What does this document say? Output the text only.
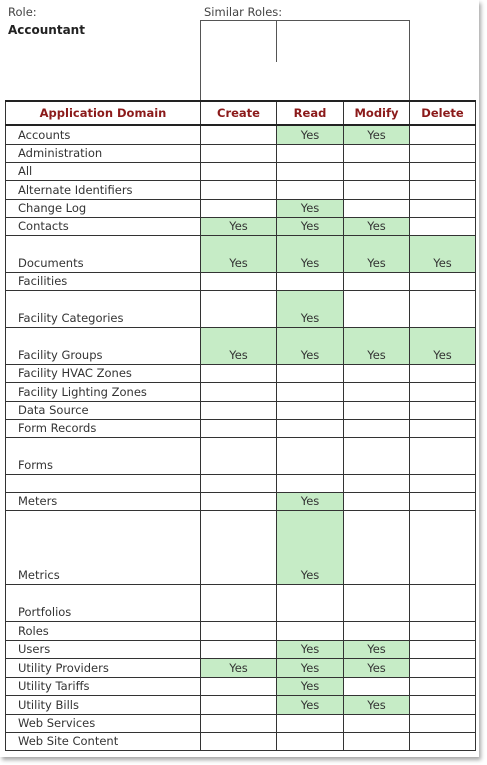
Role:
Accountant
Similar Roles:
Application Domain	Create	Read	Modify	Delete
Accounts		Yes	Yes	
Administration				
All				
Alternate Identifiers				
Change Log		Yes		
Contacts	Yes	Yes	Yes	
Documents	Yes	Yes	Yes	Yes
Facilities				
Facility Categories		Yes		
Facility Groups	Yes	Yes	Yes	Yes
Facility HVAC Zones				
Facility Lighting Zones				
Data Source				
Form Records				
Forms				

Meters		Yes		
Metrics		Yes		
Portfolios				
Roles				
Users		Yes	Yes	
Utility Providers	Yes	Yes	Yes	
Utility Tariffs		Yes		
Utility Bills		Yes	Yes	
Web Services				
Web Site Content				
